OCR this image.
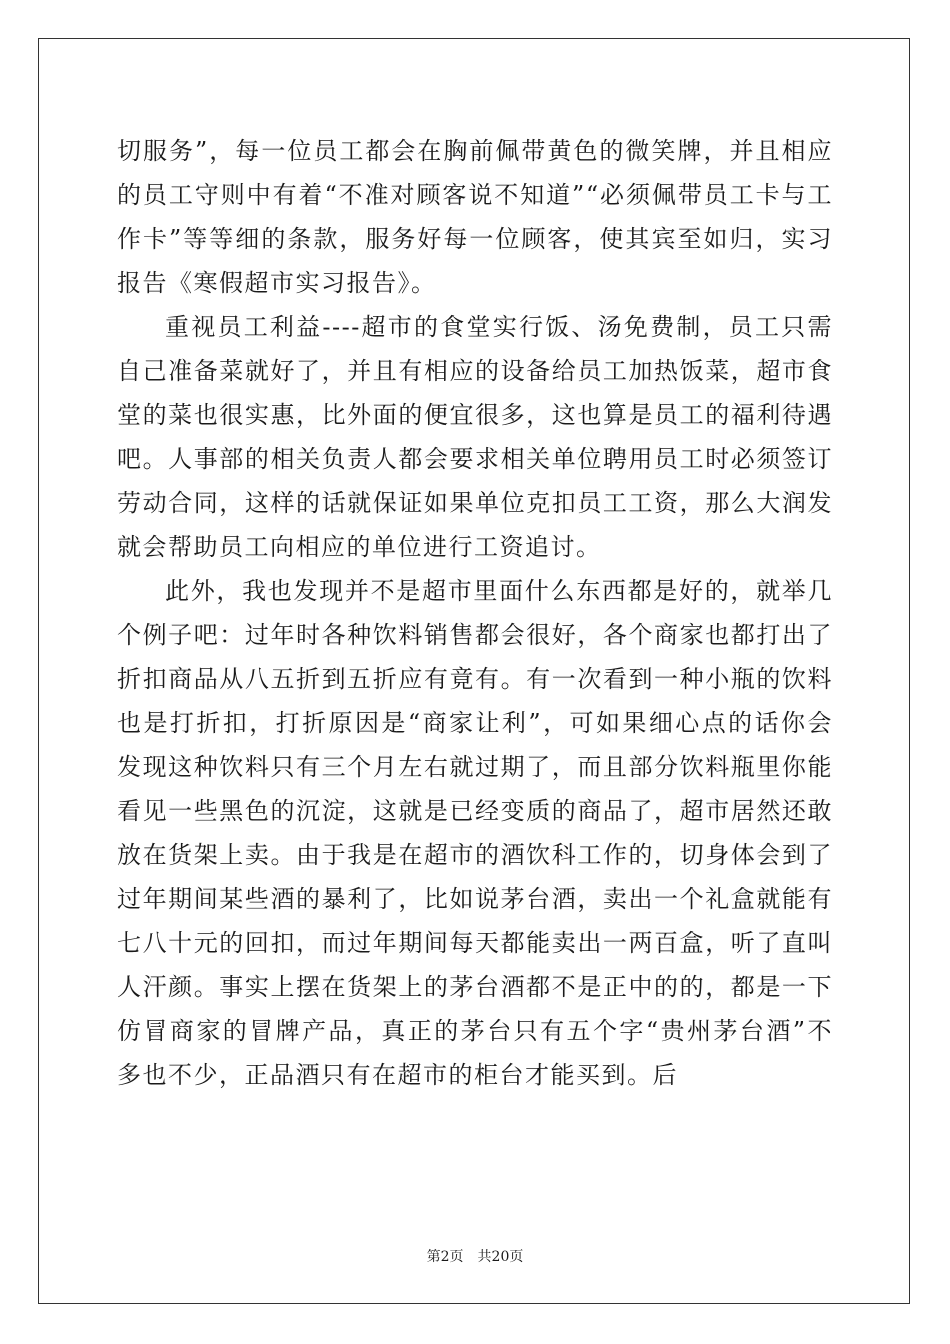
切服务”，每一位员工都会在胸前佩带黄色的微笑牌，并且相应的员工守则中有着“不准对顾客说不知道”“必须佩带员工卡与工作卡”等等细的条款，服务好每一位顾客，使其宾至如归，实习报告《寒假超市实习报告》。

重视员工利益----超市的食堂实行饭、汤免费制，员工只需自己准备菜就好了，并且有相应的设备给员工加热饭菜，超市食堂的菜也很实惠，比外面的便宜很多，这也算是员工的福利待遇吧。人事部的相关负责人都会要求相关单位聘用员工时必须签订劳动合同，这样的话就保证如果单位克扣员工工资，那么大润发就会帮助员工向相应的单位进行工资追讨。

此外，我也发现并不是超市里面什么东西都是好的，就举几个例子吧：过年时各种饮料销售都会很好，各个商家也都打出了折扣商品从八五折到五折应有竟有。有一次看到一种小瓶的饮料也是打折扣，打折原因是“商家让利”，可如果细心点的话你会发现这种饮料只有三个月左右就过期了，而且部分饮料瓶里你能看见一些黑色的沉淀，这就是已经变质的商品了，超市居然还敢放在货架上卖。由于我是在超市的酒饮科工作的，切身体会到了过年期间某些酒的暴利了，比如说茅台酒，卖出一个礼盒就能有七八十元的回扣，而过年期间每天都能卖出一两百盒，听了直叫人汗颜。事实上摆在货架上的茅台酒都不是正中的的，都是一下仿冒商家的冒牌产品，真正的茅台只有五个字“贵州茅台酒”不多也不少，正品酒只有在超市的柜台才能买到。后

第2页　共20页
